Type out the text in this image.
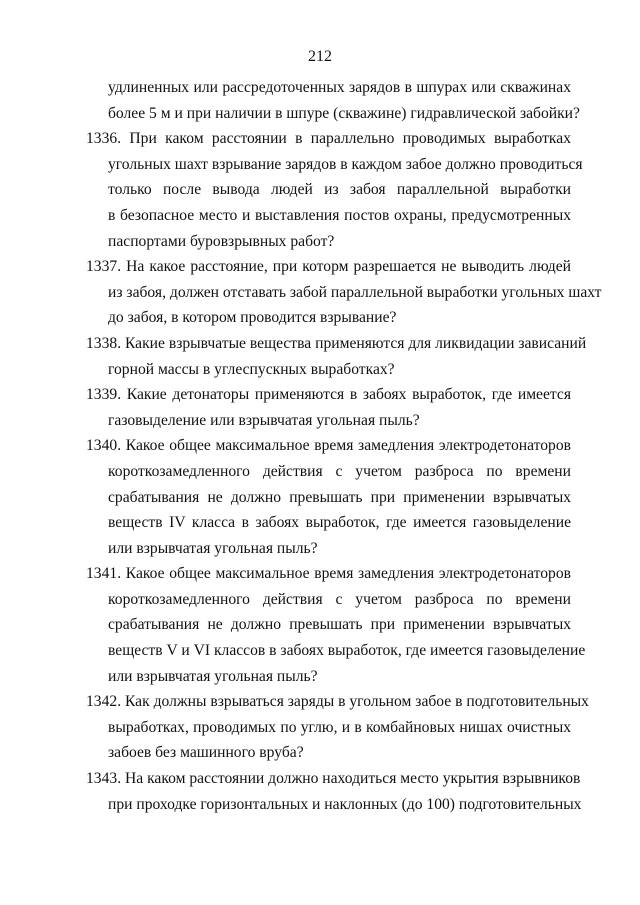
212

удлиненных или рассредоточенных зарядов в шпурах или скважинах

более 5 м и при наличии в шпуре (скважине) гидравлической забойки?

1336. При каком расстоянии в параллельно проводимых выработках

угольных шахт взрывание зарядов в каждом забое должно проводиться

только после вывода людей из забоя параллельной выработки

в безопасное место и выставления постов охраны, предусмотренных

паспортами буровзрывных работ?

1337. На какое расстояние, при которм разрешается не выводить людей

из забоя, должен отставать забой параллельной выработки угольных шахт

до забоя, в котором проводится взрывание?

1338. Какие взрывчатые вещества применяются для ликвидации зависаний

горной массы в углеспускных выработках?

1339. Какие детонаторы применяются в забоях выработок, где имеется

газовыделение или взрывчатая угольная пыль?

1340. Какое общее максимальное время замедления электродетонаторов

короткозамедленного действия с учетом разброса по времени

срабатывания не должно превышать при применении взрывчатых

веществ IV класса в забоях выработок, где имеется газовыделение

или взрывчатая угольная пыль?

1341. Какое общее максимальное время замедления электродетонаторов

короткозамедленного действия с учетом разброса по времени

срабатывания не должно превышать при применении взрывчатых

веществ V и VI классов в забоях выработок, где имеется газовыделение

или взрывчатая угольная пыль?

1342. Как должны взрываться заряды в угольном забое в подготовительных

выработках, проводимых по углю, и в комбайновых нишах очистных

забоев без машинного вруба?

1343. На каком расстоянии должно находиться место укрытия взрывников

при проходке горизонтальных и наклонных (до 100) подготовительных
